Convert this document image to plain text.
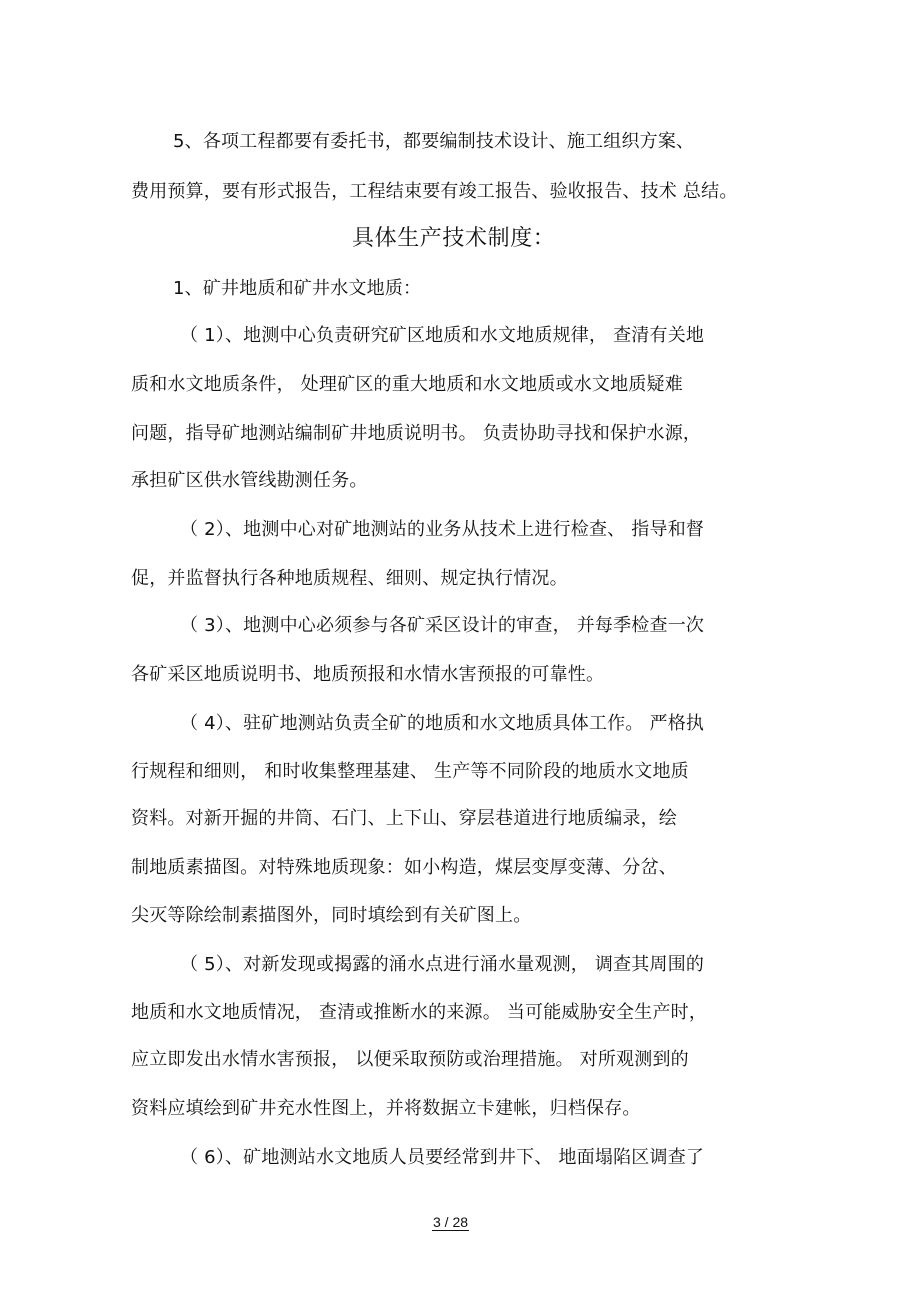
5、各项工程都要有委托书，都要编制技术设计、施工组织方案、
费用预算，要有形式报告，工程结束要有竣工报告、验收报告、技术 总结。
具体生产技术制度：
1、矿井地质和矿井水文地质：
（ 1）、地测中心负责研究矿区地质和水文地质规律， 查清有关地
质和水文地质条件， 处理矿区的重大地质和水文地质或水文地质疑难
问题，指导矿地测站编制矿井地质说明书。 负责协助寻找和保护水源，
承担矿区供水管线勘测任务。
（ 2）、地测中心对矿地测站的业务从技术上进行检查、 指导和督
促，并监督执行各种地质规程、细则、规定执行情况。
（ 3）、地测中心必须参与各矿采区设计的审查， 并每季检查一次
各矿采区地质说明书、地质预报和水情水害预报的可靠性。
（ 4）、驻矿地测站负责全矿的地质和水文地质具体工作。 严格执
行规程和细则， 和时收集整理基建、 生产等不同阶段的地质水文地质
资料。对新开掘的井筒、石门、上下山、穿层巷道进行地质编录，绘
制地质素描图。对特殊地质现象：如小构造，煤层变厚变薄、分岔、
尖灭等除绘制素描图外，同时填绘到有关矿图上。
（ 5）、对新发现或揭露的涌水点进行涌水量观测， 调查其周围的
地质和水文地质情况， 查清或推断水的来源。 当可能威胁安全生产时，
应立即发出水情水害预报， 以便采取预防或治理措施。 对所观测到的
资料应填绘到矿井充水性图上，并将数据立卡建帐，归档保存。
（ 6）、矿地测站水文地质人员要经常到井下、 地面塌陷区调查了
3 / 28
